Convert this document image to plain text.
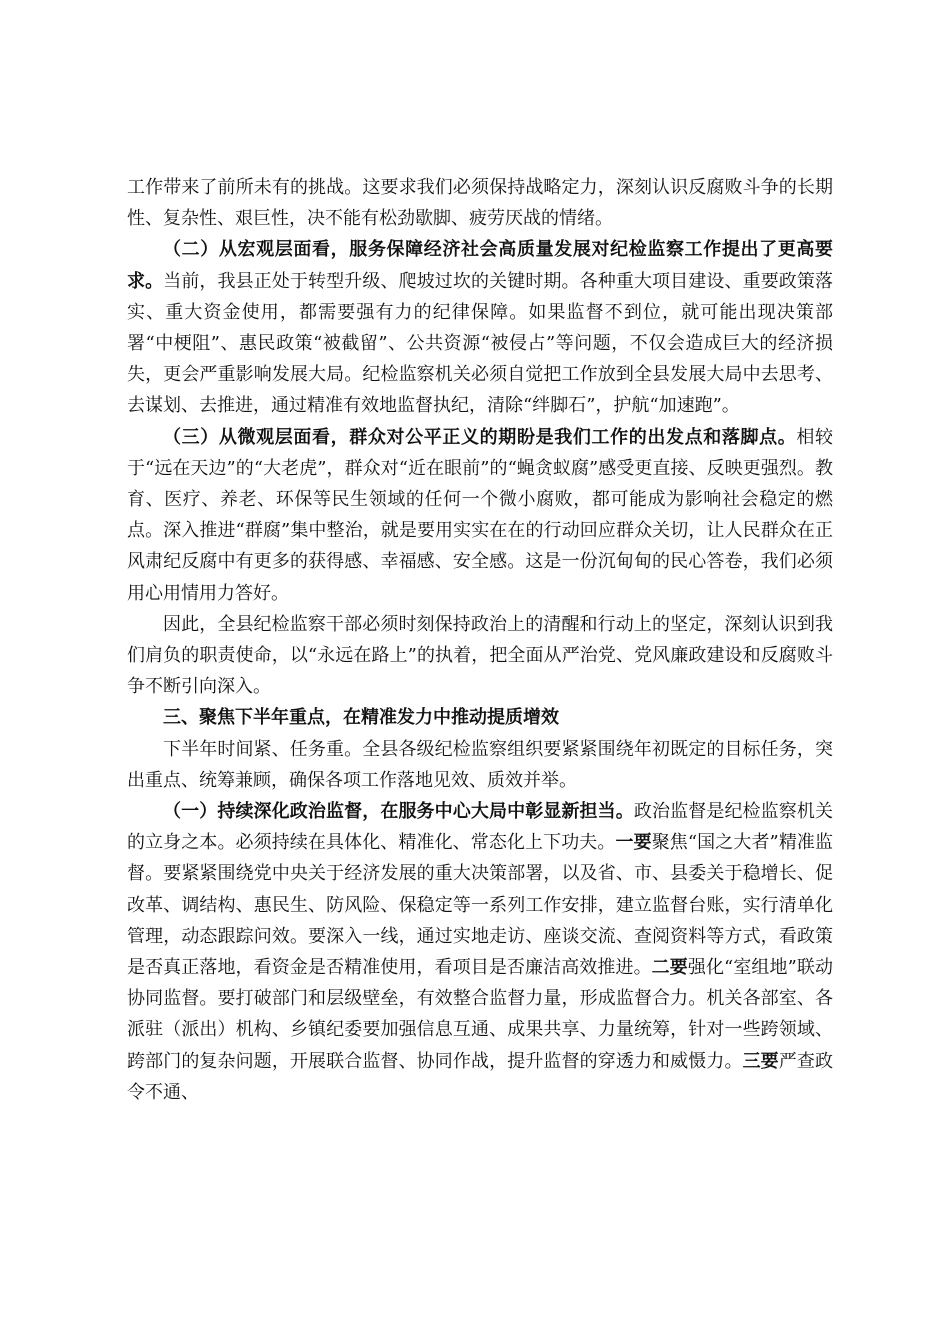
工作带来了前所未有的挑战。这要求我们必须保持战略定力，深刻认识反腐败斗争的长期性、复杂性、艰巨性，决不能有松劲歇脚、疲劳厌战的情绪。

（二）从宏观层面看，服务保障经济社会高质量发展对纪检监察工作提出了更高要求。当前，我县正处于转型升级、爬坡过坎的关键时期。各种重大项目建设、重要政策落实、重大资金使用，都需要强有力的纪律保障。如果监督不到位，就可能出现决策部署“中梗阻”、惠民政策“被截留”、公共资源“被侵占”等问题，不仅会造成巨大的经济损失，更会严重影响发展大局。纪检监察机关必须自觉把工作放到全县发展大局中去思考、去谋划、去推进，通过精准有效地监督执纪，清除“绊脚石”，护航“加速跑”。

（三）从微观层面看，群众对公平正义的期盼是我们工作的出发点和落脚点。相较于“远在天边”的“大老虎”，群众对“近在眼前”的“蝇贪蚁腐”感受更直接、反映更强烈。教育、医疗、养老、环保等民生领域的任何一个微小腐败，都可能成为影响社会稳定的燃点。深入推进“群腐”集中整治，就是要用实实在在的行动回应群众关切，让人民群众在正风肃纪反腐中有更多的获得感、幸福感、安全感。这是一份沉甸甸的民心答卷，我们必须用心用情用力答好。

因此，全县纪检监察干部必须时刻保持政治上的清醒和行动上的坚定，深刻认识到我们肩负的职责使命，以“永远在路上”的执着，把全面从严治党、党风廉政建设和反腐败斗争不断引向深入。

三、聚焦下半年重点，在精准发力中推动提质增效

下半年时间紧、任务重。全县各级纪检监察组织要紧紧围绕年初既定的目标任务，突出重点、统筹兼顾，确保各项工作落地见效、质效并举。

（一）持续深化政治监督，在服务中心大局中彰显新担当。政治监督是纪检监察机关的立身之本。必须持续在具体化、精准化、常态化上下功夫。一要聚焦“国之大者”精准监督。要紧紧围绕党中央关于经济发展的重大决策部署，以及省、市、县委关于稳增长、促改革、调结构、惠民生、防风险、保稳定等一系列工作安排，建立监督台账，实行清单化管理，动态跟踪问效。要深入一线，通过实地走访、座谈交流、查阅资料等方式，看政策是否真正落地，看资金是否精准使用，看项目是否廉洁高效推进。二要强化“室组地”联动协同监督。要打破部门和层级壁垒，有效整合监督力量，形成监督合力。机关各部室、各派驻（派出）机构、乡镇纪委要加强信息互通、成果共享、力量统筹，针对一些跨领域、跨部门的复杂问题，开展联合监督、协同作战，提升监督的穿透力和威慑力。三要严查政令不通、
